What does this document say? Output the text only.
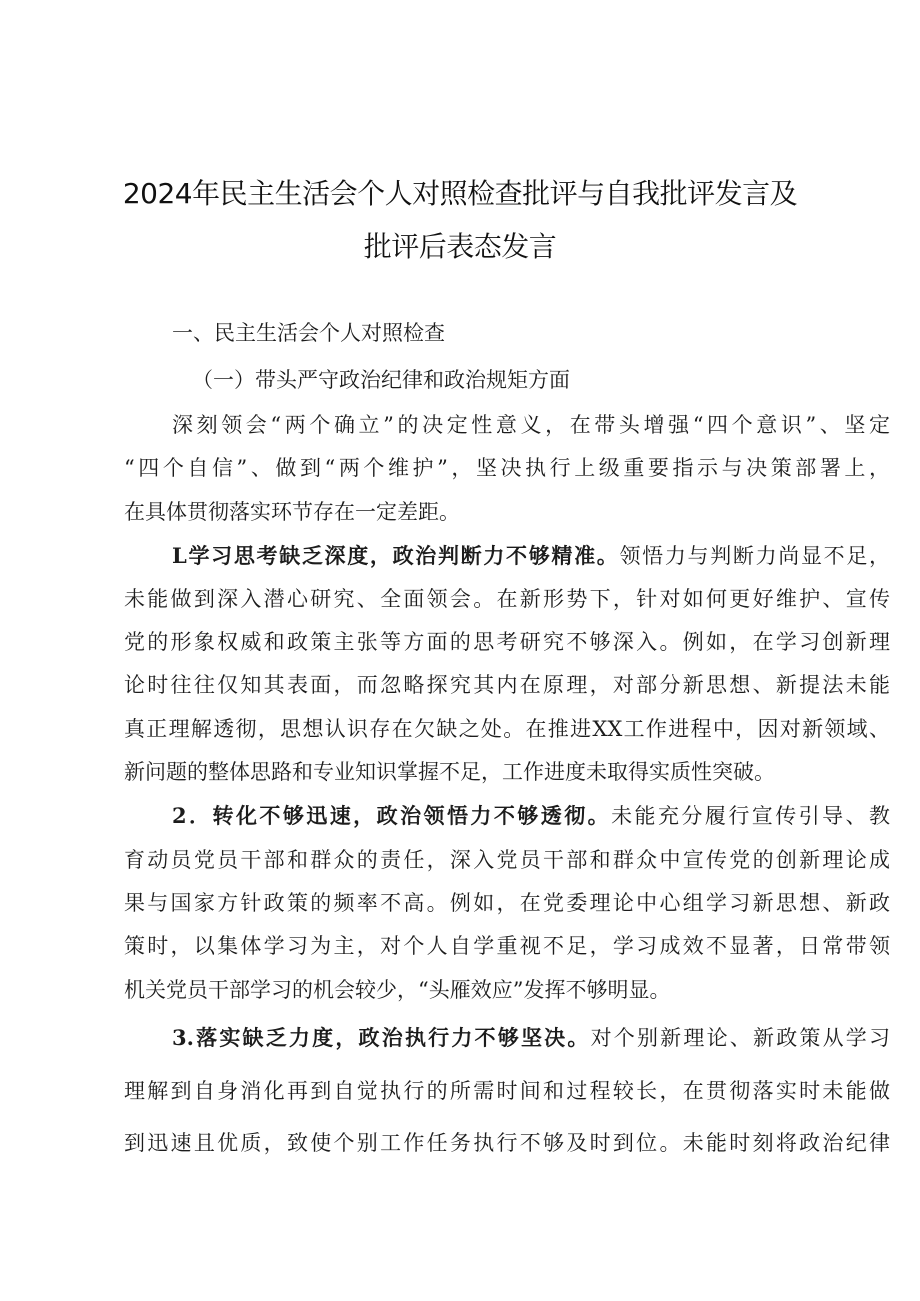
2024年民主生活会个人对照检查批评与自我批评发言及
批评后表态发言
一、民主生活会个人对照检查
（一）带头严守政治纪律和政治规矩方面
深刻领会“两个确立”的决定性意义，在带头增强“四个意识”、坚定
“四个自信”、做到“两个维护”，坚决执行上级重要指示与决策部署上，
在具体贯彻落实环节存在一定差距。
L学习思考缺乏深度，政治判断力不够精准。领悟力与判断力尚显不足，
未能做到深入潜心研究、全面领会。在新形势下，针对如何更好维护、宣传
党的形象权威和政策主张等方面的思考研究不够深入。例如，在学习创新理
论时往往仅知其表面，而忽略探究其内在原理，对部分新思想、新提法未能
真正理解透彻，思想认识存在欠缺之处。在推进XX工作进程中，因对新领域、
新问题的整体思路和专业知识掌握不足，工作进度未取得实质性突破。
2．转化不够迅速，政治领悟力不够透彻。未能充分履行宣传引导、教
育动员党员干部和群众的责任，深入党员干部和群众中宣传党的创新理论成
果与国家方针政策的频率不高。例如，在党委理论中心组学习新思想、新政
策时，以集体学习为主，对个人自学重视不足，学习成效不显著，日常带领
机关党员干部学习的机会较少，“头雁效应”发挥不够明显。
3.落实缺乏力度，政治执行力不够坚决。对个别新理论、新政策从学习
理解到自身消化再到自觉执行的所需时间和过程较长，在贯彻落实时未能做
到迅速且优质，致使个别工作任务执行不够及时到位。未能时刻将政治纪律
